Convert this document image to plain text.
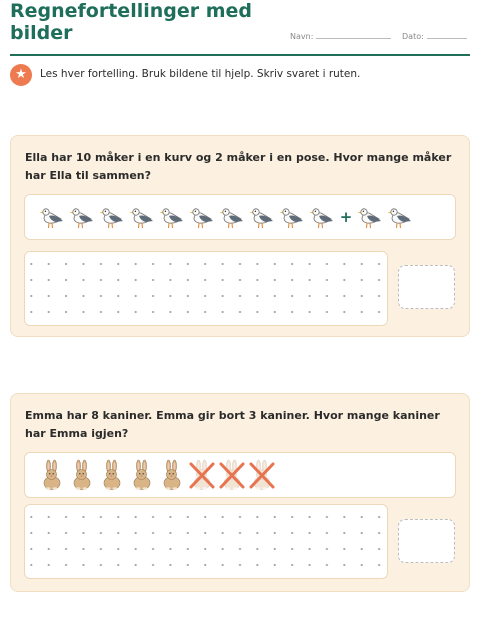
Regnefortellinger med bilder	Navn:	Dato:
★	Les hver fortelling. Bruk bildene til hjelp. Skriv svaret i ruten.

Ella har 10 måker i en kurv og 2 måker i en pose. Hvor mange måker har Ella til sammen?

+

Emma har 8 kaniner. Emma gir bort 3 kaniner. Hvor mange kaniner har Emma igjen?
